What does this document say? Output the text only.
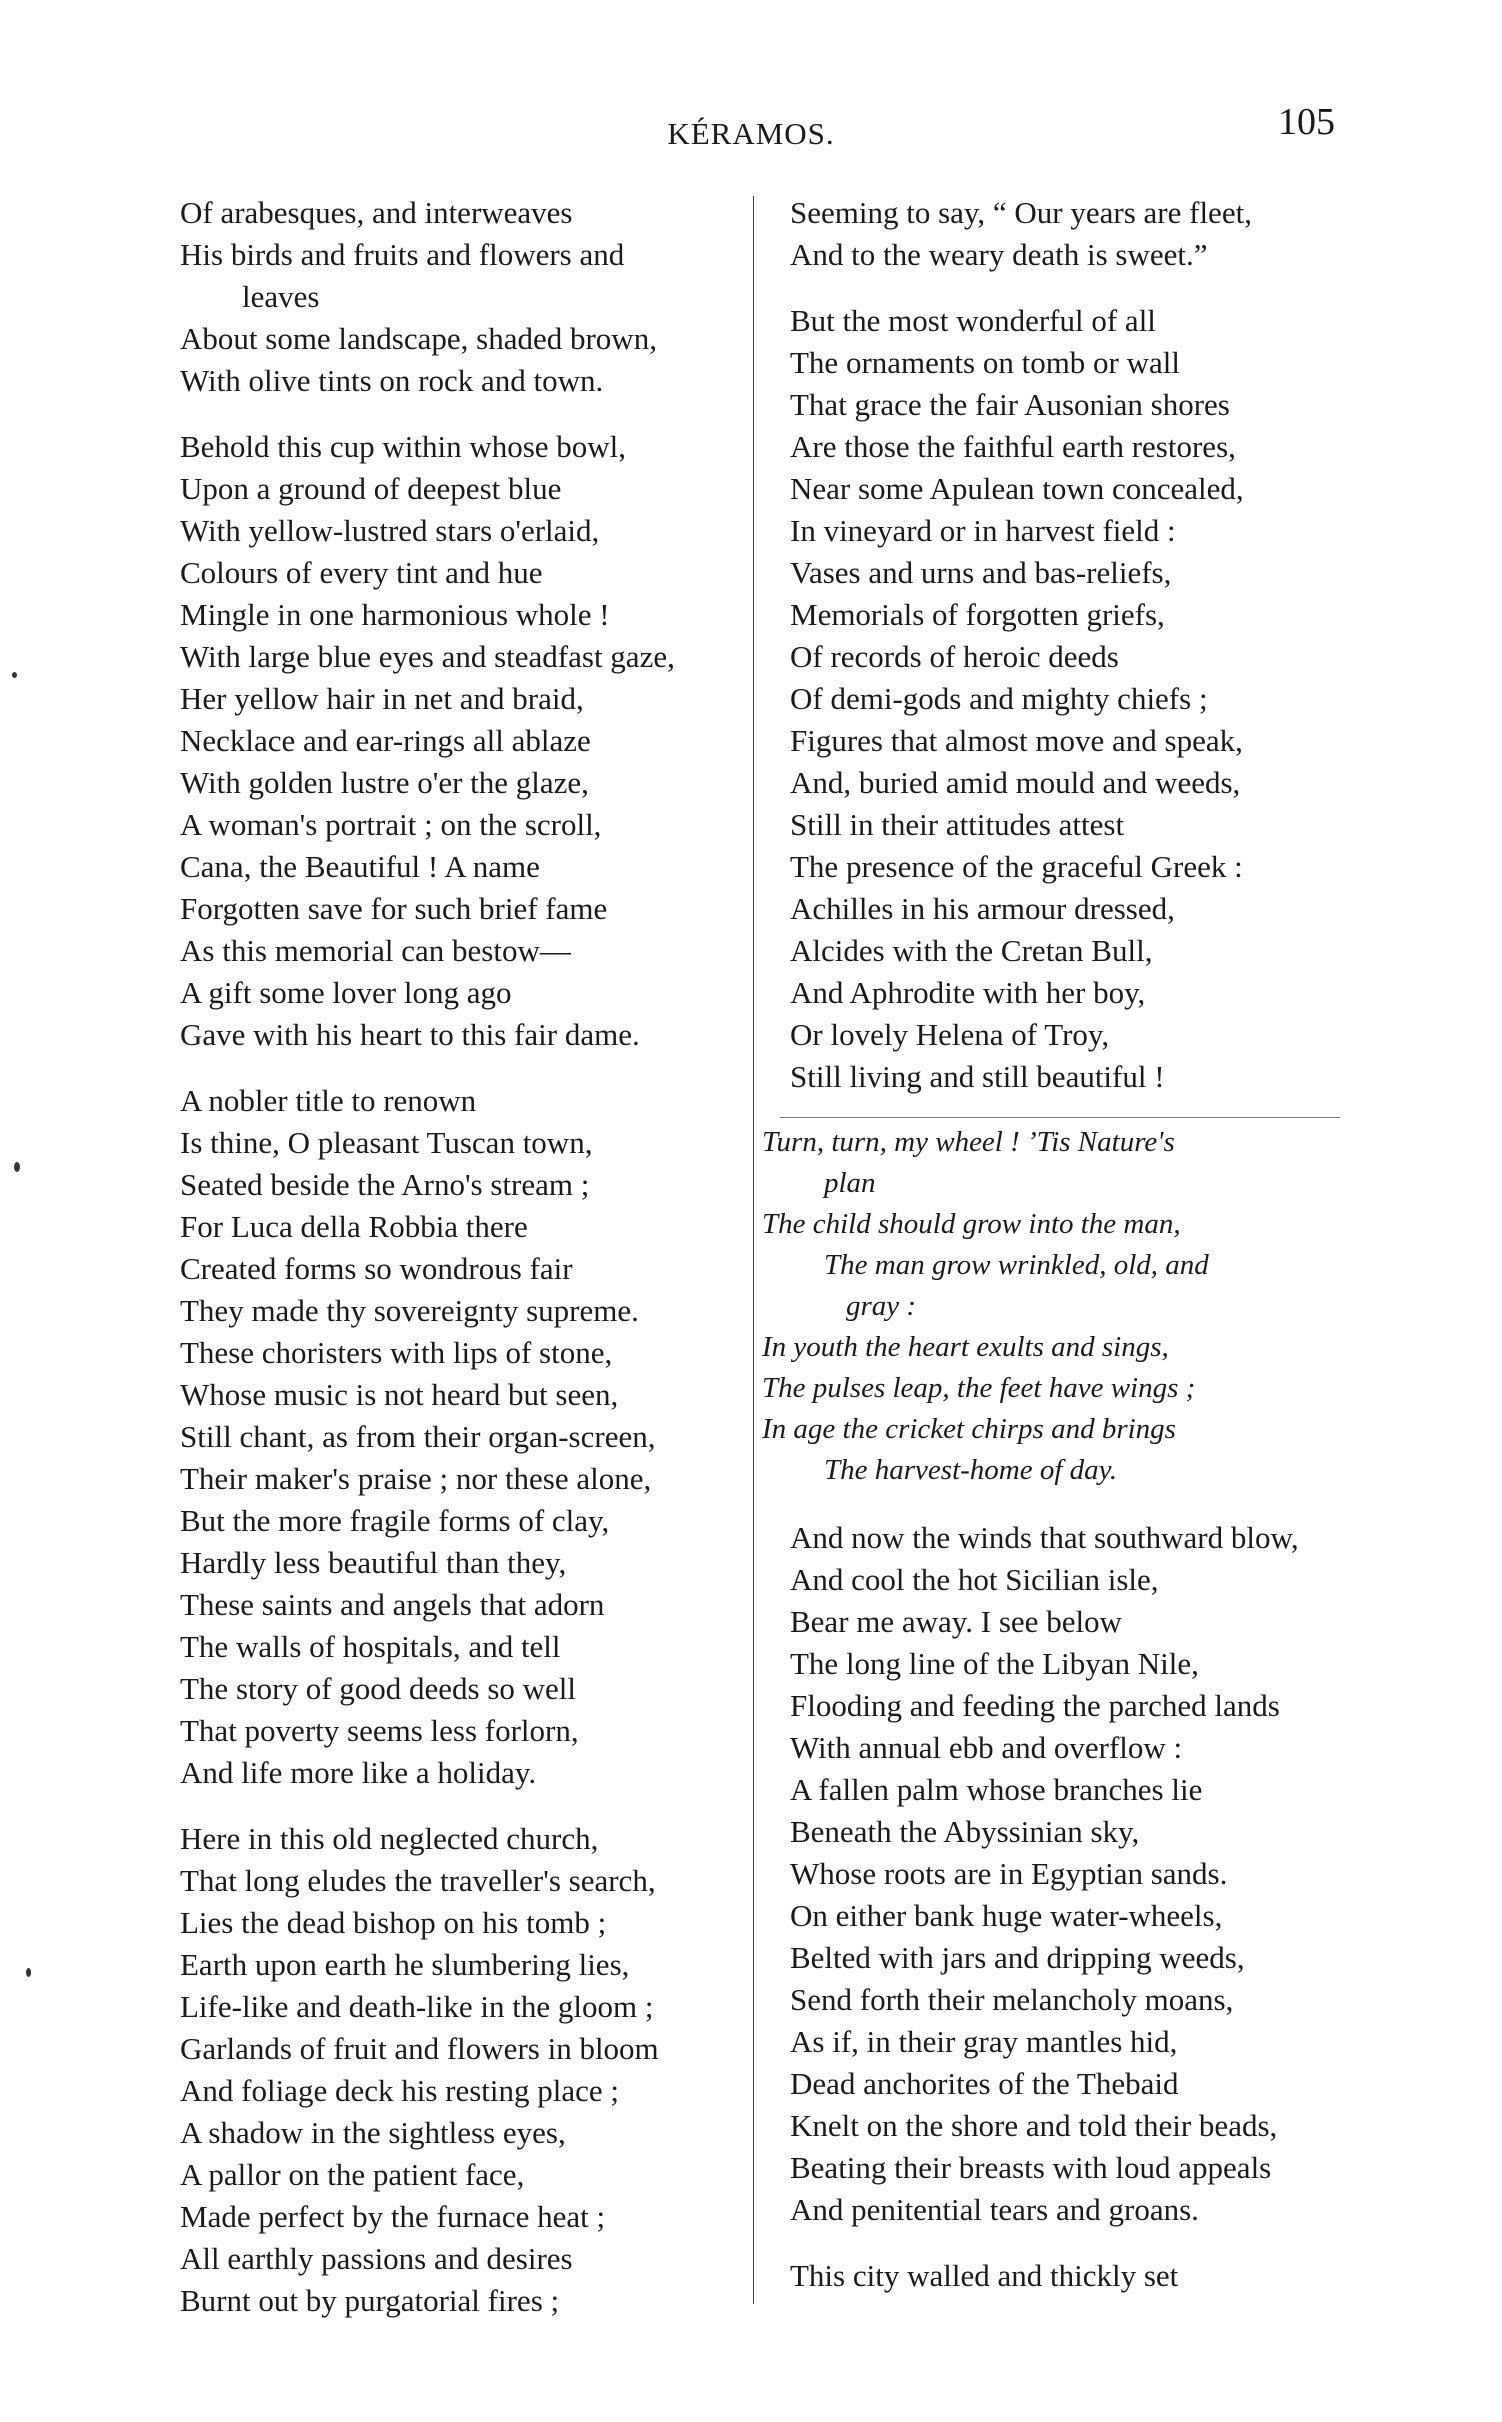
KÉRAMOS.	105
Of arabesques, and interweaves
His birds and fruits and flowers and
leaves
About some landscape, shaded brown,
With olive tints on rock and town.
Behold this cup within whose bowl,
Upon a ground of deepest blue
With yellow-lustred stars o'erlaid,
Colours of every tint and hue
Mingle in one harmonious whole !
With large blue eyes and steadfast gaze,
Her yellow hair in net and braid,
Necklace and ear-rings all ablaze
With golden lustre o'er the glaze,
A woman's portrait ; on the scroll,
Cana, the Beautiful ! A name
Forgotten save for such brief fame
As this memorial can bestow—
A gift some lover long ago
Gave with his heart to this fair dame.
A nobler title to renown
Is thine, O pleasant Tuscan town,
Seated beside the Arno's stream ;
For Luca della Robbia there
Created forms so wondrous fair
They made thy sovereignty supreme.
These choristers with lips of stone,
Whose music is not heard but seen,
Still chant, as from their organ-screen,
Their maker's praise ; nor these alone,
But the more fragile forms of clay,
Hardly less beautiful than they,
These saints and angels that adorn
The walls of hospitals, and tell
The story of good deeds so well
That poverty seems less forlorn,
And life more like a holiday.
Here in this old neglected church,
That long eludes the traveller's search,
Lies the dead bishop on his tomb ;
Earth upon earth he slumbering lies,
Life-like and death-like in the gloom ;
Garlands of fruit and flowers in bloom
And foliage deck his resting place ;
A shadow in the sightless eyes,
A pallor on the patient face,
Made perfect by the furnace heat ;
All earthly passions and desires
Burnt out by purgatorial fires ;
Seeming to say, “ Our years are fleet,
And to the weary death is sweet.”
But the most wonderful of all
The ornaments on tomb or wall
That grace the fair Ausonian shores
Are those the faithful earth restores,
Near some Apulean town concealed,
In vineyard or in harvest field :
Vases and urns and bas-reliefs,
Memorials of forgotten griefs,
Of records of heroic deeds
Of demi-gods and mighty chiefs ;
Figures that almost move and speak,
And, buried amid mould and weeds,
Still in their attitudes attest
The presence of the graceful Greek :
Achilles in his armour dressed,
Alcides with the Cretan Bull,
And Aphrodite with her boy,
Or lovely Helena of Troy,
Still living and still beautiful !
Turn, turn, my wheel ! ’Tis Nature's
plan
The child should grow into the man,
The man grow wrinkled, old, and
gray :
In youth the heart exults and sings,
The pulses leap, the feet have wings ;
In age the cricket chirps and brings
The harvest-home of day.
And now the winds that southward blow,
And cool the hot Sicilian isle,
Bear me away. I see below
The long line of the Libyan Nile,
Flooding and feeding the parched lands
With annual ebb and overflow :
A fallen palm whose branches lie
Beneath the Abyssinian sky,
Whose roots are in Egyptian sands.
On either bank huge water-wheels,
Belted with jars and dripping weeds,
Send forth their melancholy moans,
As if, in their gray mantles hid,
Dead anchorites of the Thebaid
Knelt on the shore and told their beads,
Beating their breasts with loud appeals
And penitential tears and groans.
This city walled and thickly set
